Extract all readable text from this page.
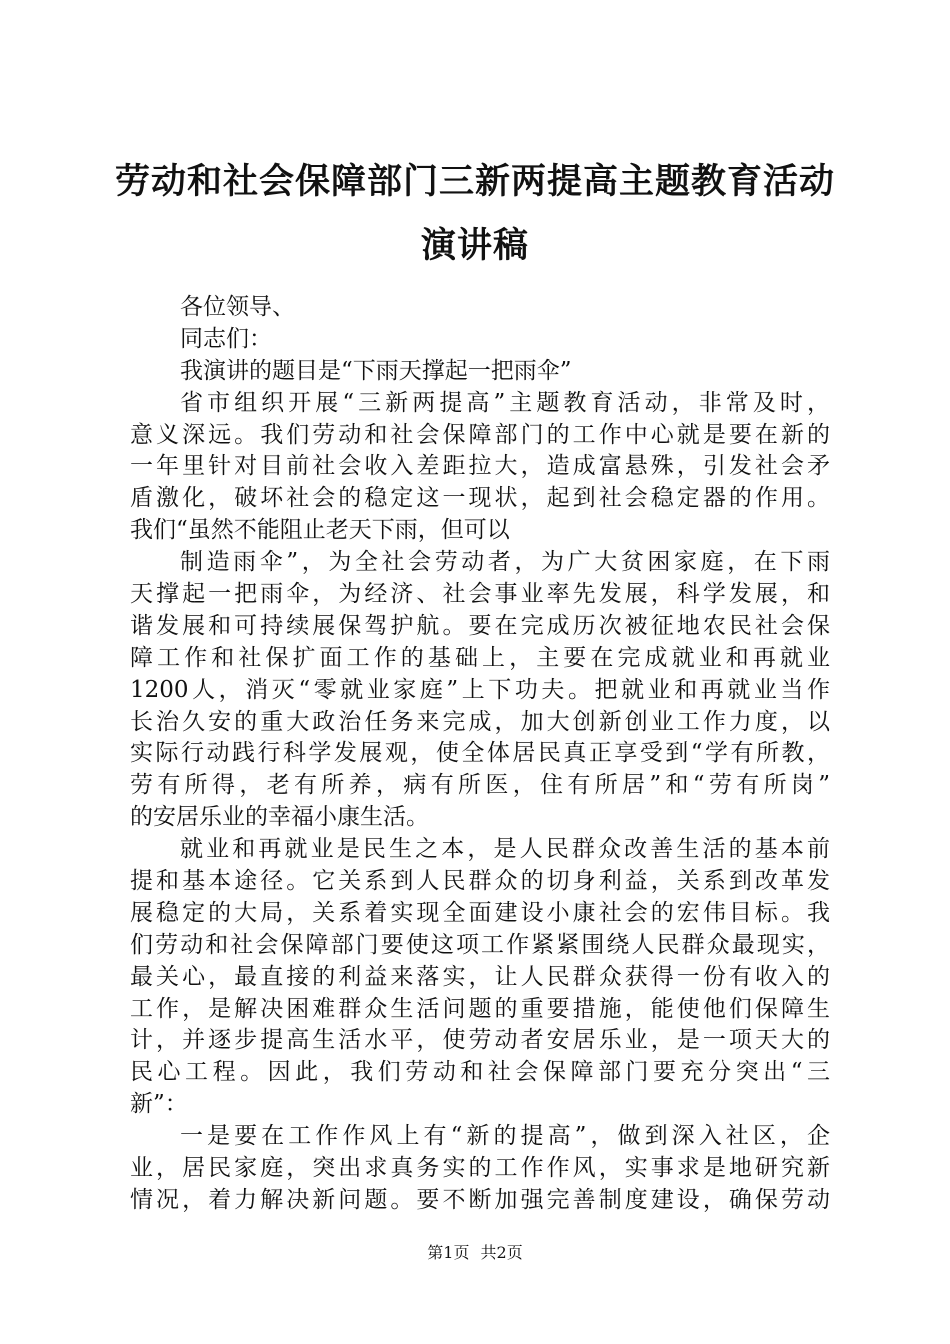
劳动和社会保障部门三新两提高主题教育活动
演讲稿
各位领导、
同志们：
我演讲的题目是“下雨天撑起一把雨伞”
省市组织开展“三新两提高”主题教育活动，非常及时，
意义深远。我们劳动和社会保障部门的工作中心就是要在新的
一年里针对目前社会收入差距拉大，造成富悬殊，引发社会矛
盾激化，破坏社会的稳定这一现状，起到社会稳定器的作用。
我们“虽然不能阻止老天下雨，但可以
制造雨伞”，为全社会劳动者，为广大贫困家庭，在下雨
天撑起一把雨伞，为经济、社会事业率先发展，科学发展，和
谐发展和可持续展保驾护航。要在完成历次被征地农民社会保
障工作和社保扩面工作的基础上，主要在完成就业和再就业
1200人，消灭“零就业家庭”上下功夫。把就业和再就业当作
长治久安的重大政治任务来完成，加大创新创业工作力度，以
实际行动践行科学发展观，使全体居民真正享受到“学有所教，
劳有所得，老有所养，病有所医，住有所居”和“劳有所岗”
的安居乐业的幸福小康生活。
就业和再就业是民生之本，是人民群众改善生活的基本前
提和基本途径。它关系到人民群众的切身利益，关系到改革发
展稳定的大局，关系着实现全面建设小康社会的宏伟目标。我
们劳动和社会保障部门要使这项工作紧紧围绕人民群众最现实，
最关心，最直接的利益来落实，让人民群众获得一份有收入的
工作，是解决困难群众生活问题的重要措施，能使他们保障生
计，并逐步提高生活水平，使劳动者安居乐业，是一项天大的
民心工程。因此，我们劳动和社会保障部门要充分突出“三
新”：
一是要在工作作风上有“新的提高”，做到深入社区，企
业，居民家庭，突出求真务实的工作作风，实事求是地研究新
情况，着力解决新问题。要不断加强完善制度建设，确保劳动
第1页 共2页
